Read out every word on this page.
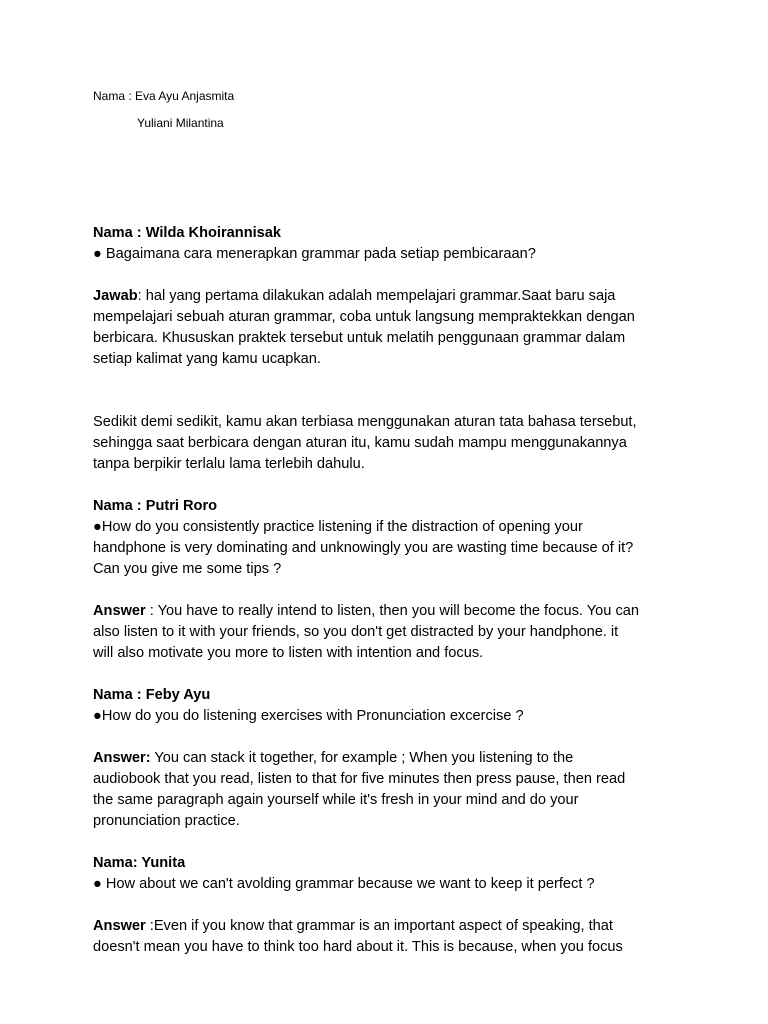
Nama : Eva Ayu Anjasmita
Yuliani Milantina

Nama : Wilda Khoirannisak

● Bagaimana cara menerapkan grammar pada setiap pembicaraan?

Jawab: hal yang pertama dilakukan adalah mempelajari grammar.Saat baru saja

mempelajari sebuah aturan grammar, coba untuk langsung mempraktekkan dengan

berbicara. Khususkan praktek tersebut untuk melatih penggunaan grammar dalam

setiap kalimat yang kamu ucapkan.

Sedikit demi sedikit, kamu akan terbiasa menggunakan aturan tata bahasa tersebut,

sehingga saat berbicara dengan aturan itu, kamu sudah mampu menggunakannya

tanpa berpikir terlalu lama terlebih dahulu.

Nama : Putri Roro

●How do you consistently practice listening if the distraction of opening your

handphone is very dominating and unknowingly you are wasting time because of it?

Can you give me some tips ?

Answer : You have to really intend to listen, then you will become the focus. You can

also listen to it with your friends, so you don't get distracted by your handphone. it

will also motivate you more to listen with intention and focus.

Nama : Feby Ayu

●How do you do listening exercises with Pronunciation excercise ?

Answer: You can stack it together, for example ; When you listening to the

audiobook that you read, listen to that for five minutes then press pause, then read

the same paragraph again yourself while it's fresh in your mind and do your

pronunciation practice.

Nama: Yunita

● How about we can't avolding grammar because we want to keep it perfect ?

Answer :Even if you know that grammar is an important aspect of speaking, that

doesn't mean you have to think too hard about it. This is because, when you focus
